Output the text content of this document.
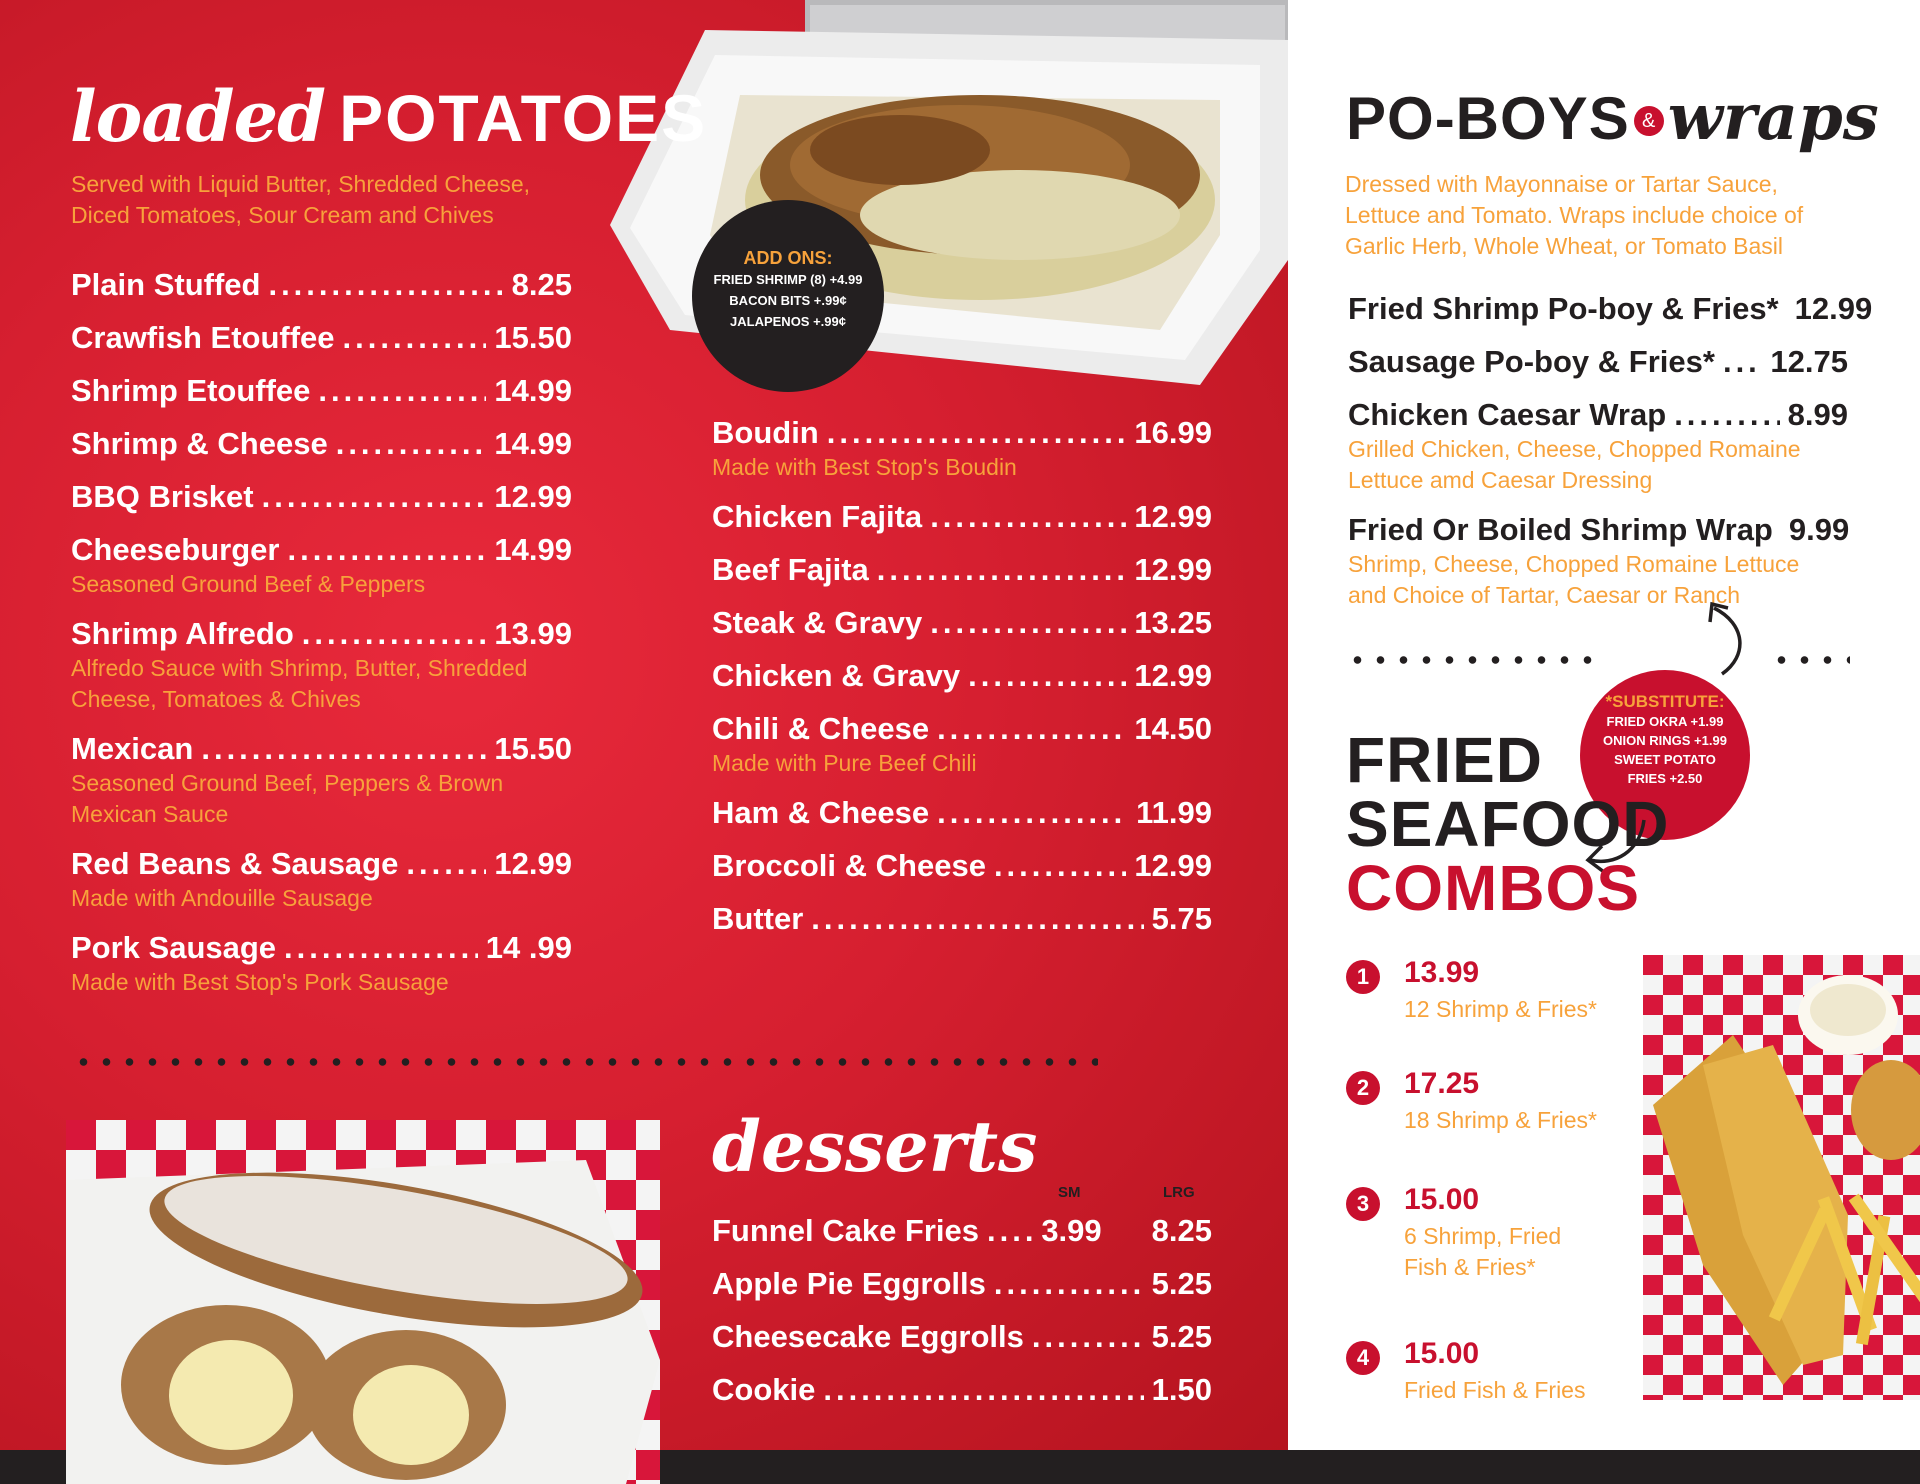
loaded POTATOES
Served with Liquid Butter, Shredded Cheese, Diced Tomatoes, Sour Cream and Chives
Plain Stuffed .....	8.25
Crawfish Etouffee .....	15.50
Shrimp Etouffee .....	14.99
Shrimp & Cheese .....	14.99
BBQ Brisket .....	12.99
Cheeseburger .....	14.99
Seasoned Ground Beef & Peppers
Shrimp Alfredo .....	13.99
Alfredo Sauce with Shrimp, Butter, Shredded Cheese, Tomatoes & Chives
Mexican .....	15.50
Seasoned Ground Beef, Peppers & Brown Mexican Sauce
Red Beans & Sausage .....	12.99
Made with Andouille Sausage
Pork Sausage .....	14 .99
Made with Best Stop's Pork Sausage
ADD ONS:
FRIED SHRIMP (8) +4.99
BACON BITS +.99¢
JALAPENOS +.99¢
Boudin .....	16.99
Made with Best Stop's Boudin
Chicken Fajita .....	12.99
Beef Fajita .....	12.99
Steak & Gravy .....	13.25
Chicken & Gravy .....	12.99
Chili & Cheese .....	14.50
Made with Pure Beef Chili
Ham & Cheese .....	11.99
Broccoli & Cheese .....	12.99
Butter .....	5.75
desserts
SM	LRG
Funnel Cake Fries ..... 3.99 8.25
Apple Pie Eggrolls .....	5.25
Cheesecake Eggrolls .....	5.25
Cookie .....	1.50
PO-BOYS & wraps
Dressed with Mayonnaise or Tartar Sauce, Lettuce and Tomato. Wraps include choice of Garlic Herb, Whole Wheat, or Tomato Basil
Fried Shrimp Po-boy & Fries* 12.99
Sausage Po-boy & Fries* ..... 12.75
Chicken Caesar Wrap .....	8.99
Grilled Chicken, Cheese, Chopped Romaine Lettuce amd Caesar Dressing
Fried Or Boiled Shrimp Wrap 9.99
Shrimp, Cheese, Chopped Romaine Lettuce and Choice of Tartar, Caesar or Ranch
*SUBSTITUTE:
FRIED OKRA +1.99
ONION RINGS +1.99
SWEET POTATO
FRIES +2.50
FRIED
SEAFOOD
COMBOS
1	13.99
12 Shrimp & Fries*
2	17.25
18 Shrimp & Fries*
3	15.00
6 Shrimp, Fried Fish & Fries*
4	15.00
Fried Fish & Fries
